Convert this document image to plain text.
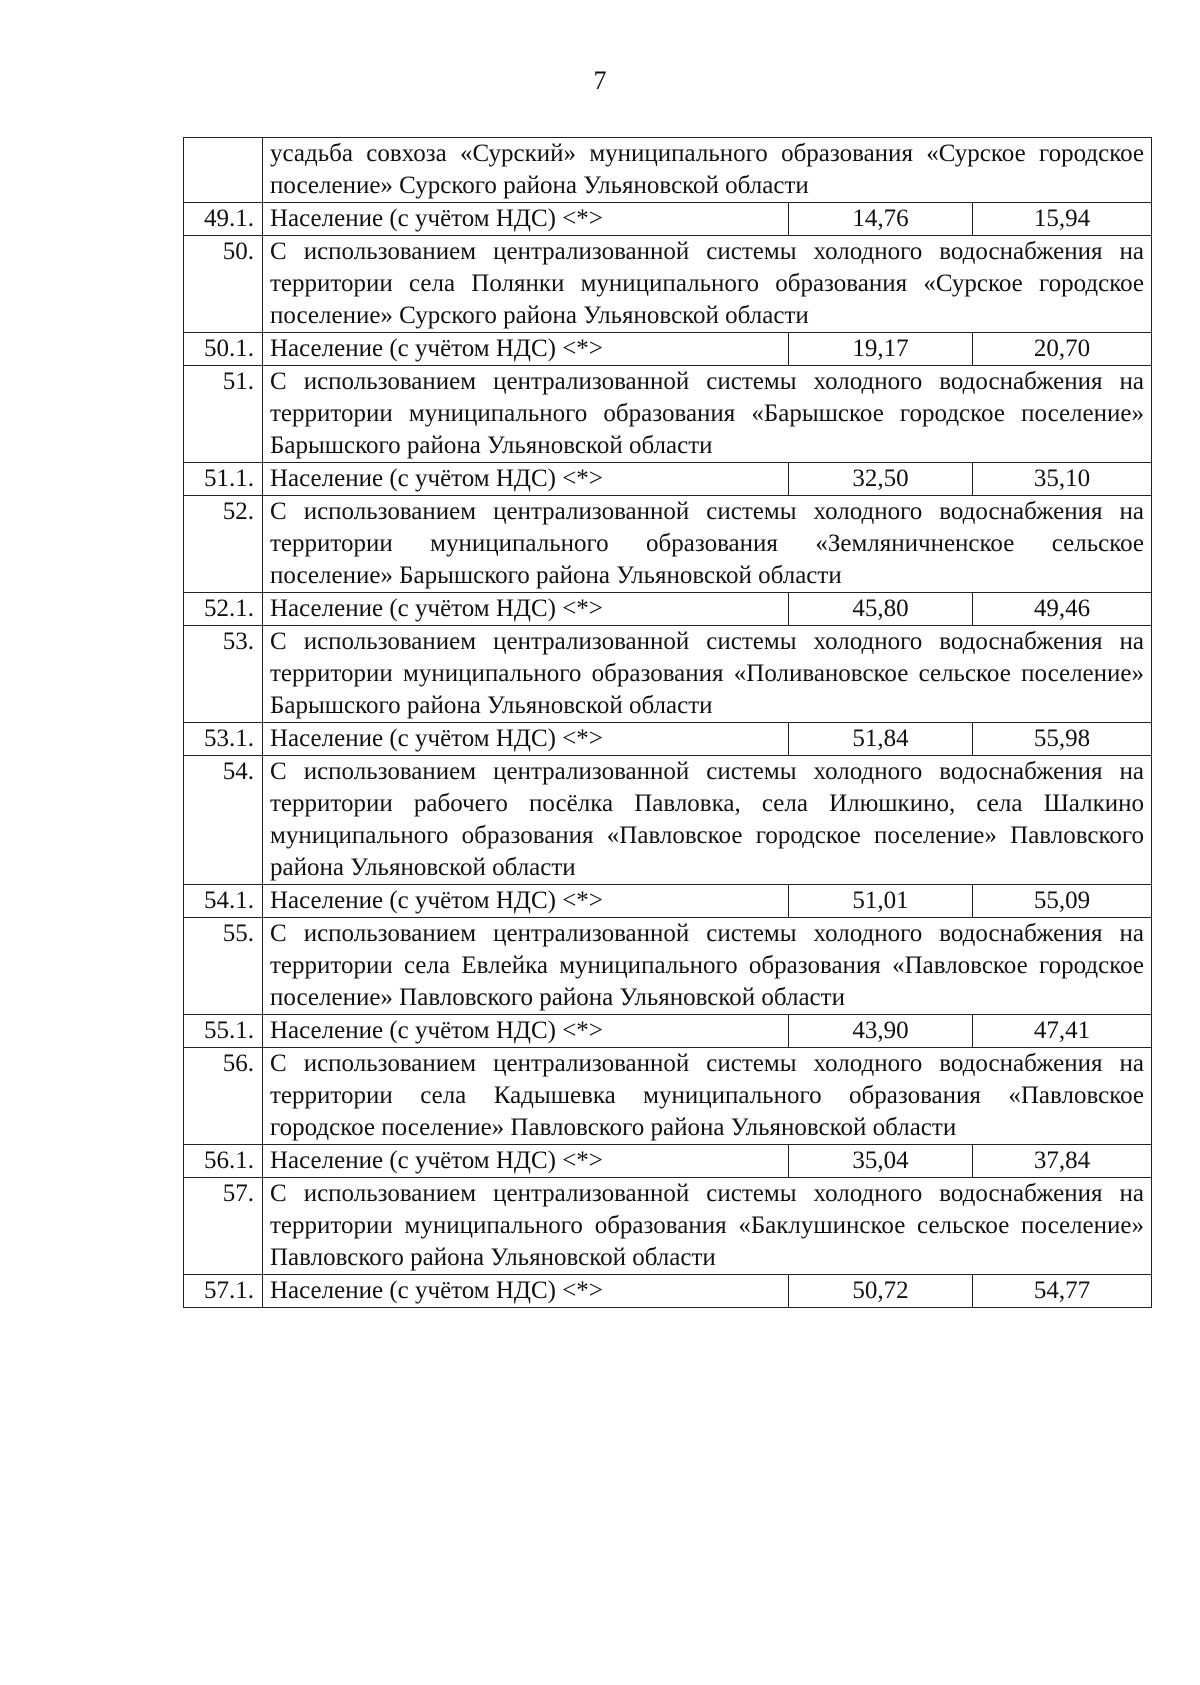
7
	усадьба совхоза «Сурский» муниципального образования «Сурское городское поселение» Сурского района Ульяновской области		
49.1.	Население (с учётом НДС) <*>	14,76	15,94
50.	С использованием централизованной системы холодного водоснабжения на территории села Полянки муниципального образования «Сурское городское поселение» Сурского района Ульяновской области		
50.1.	Население (с учётом НДС) <*>	19,17	20,70
51.	С использованием централизованной системы холодного водоснабжения на территории муниципального образования «Барышское городское поселение» Барышского района Ульяновской области		
51.1.	Население (с учётом НДС) <*>	32,50	35,10
52.	С использованием централизованной системы холодного водоснабжения на территории муниципального образования «Земляничненское сельское поселение» Барышского района Ульяновской области		
52.1.	Население (с учётом НДС) <*>	45,80	49,46
53.	С использованием централизованной системы холодного водоснабжения на территории муниципального образования «Поливановское сельское поселение» Барышского района Ульяновской области		
53.1.	Население (с учётом НДС) <*>	51,84	55,98
54.	С использованием централизованной системы холодного водоснабжения на территории рабочего посёлка Павловка, села Илюшкино, села Шалкино муниципального образования «Павловское городское поселение» Павловского района Ульяновской области		
54.1.	Население (с учётом НДС) <*>	51,01	55,09
55.	С использованием централизованной системы холодного водоснабжения на территории села Евлейка муниципального образования «Павловское городское поселение» Павловского района Ульяновской области		
55.1.	Население (с учётом НДС) <*>	43,90	47,41
56.	С использованием централизованной системы холодного водоснабжения на территории села Кадышевка муниципального образования «Павловское городское поселение» Павловского района Ульяновской области		
56.1.	Население (с учётом НДС) <*>	35,04	37,84
57.	С использованием централизованной системы холодного водоснабжения на территории муниципального образования «Баклушинское сельское поселение» Павловского района Ульяновской области		
57.1.	Население (с учётом НДС) <*>	50,72	54,77
